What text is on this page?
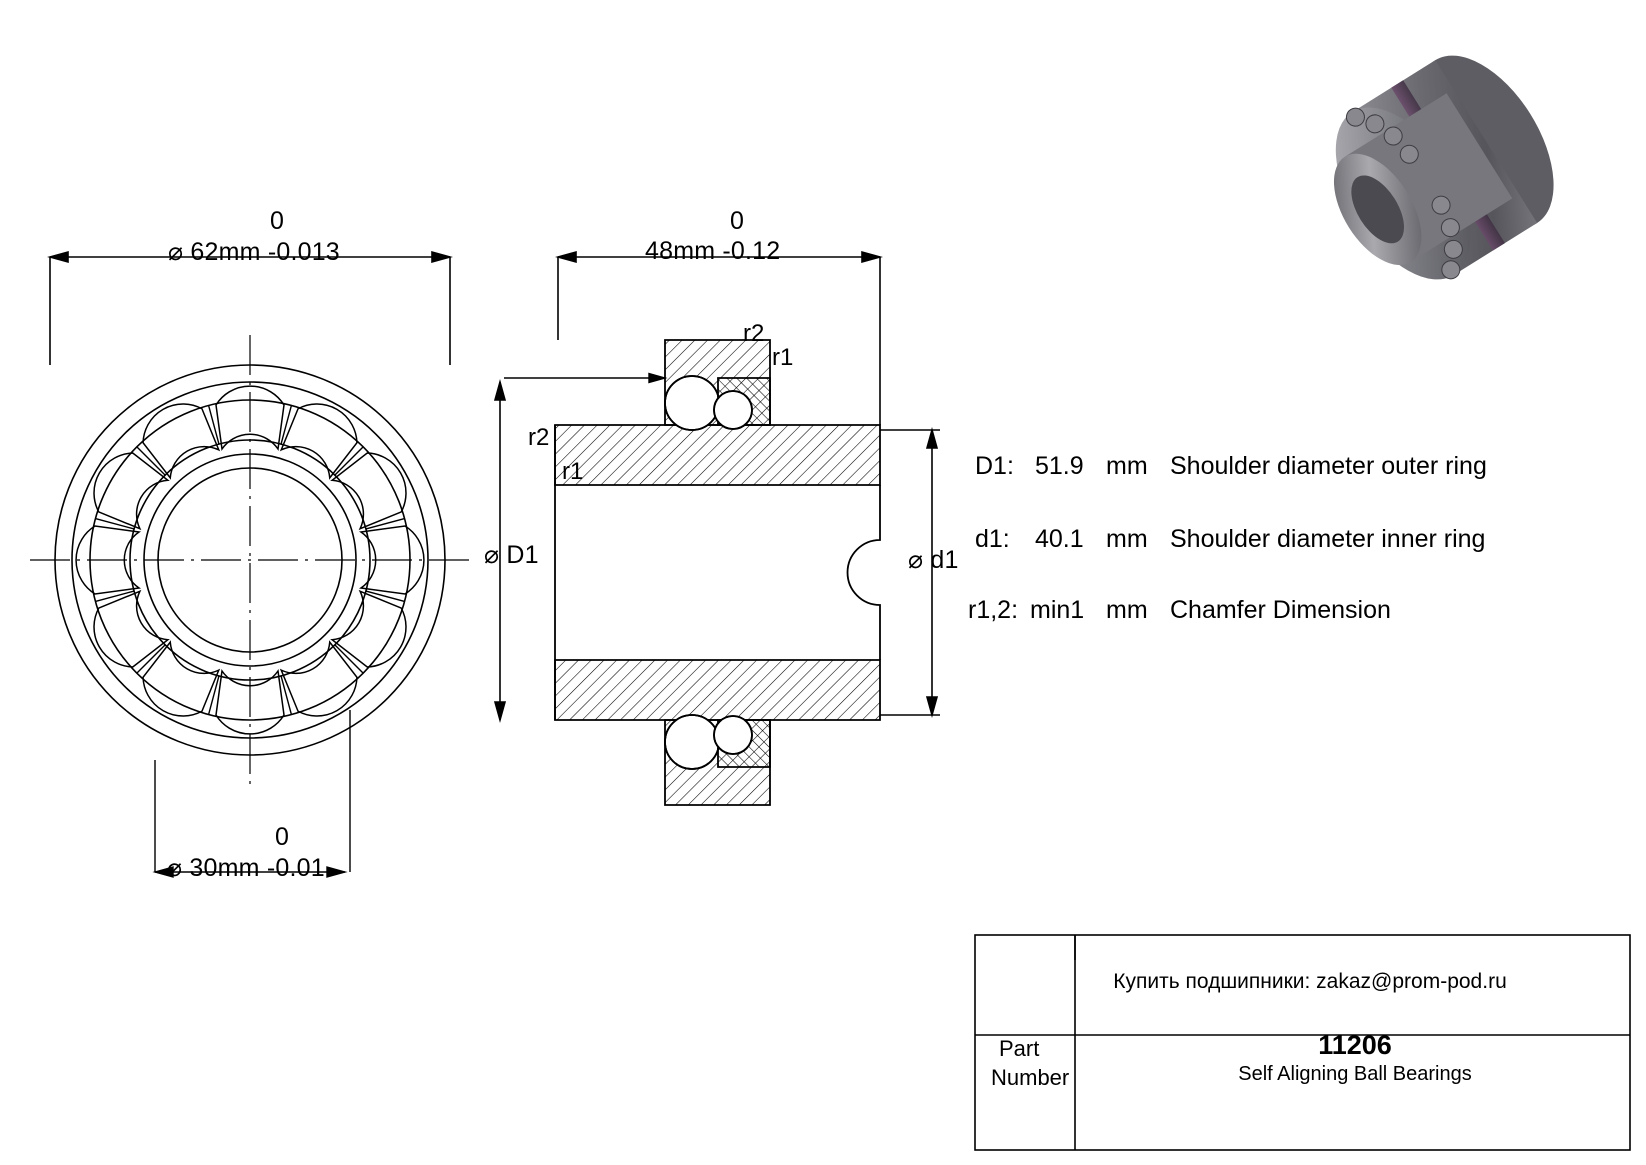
0
⌀ 62mm -0.013
0
⌀ 30mm -0.01
0
48mm -0.12
r2
r1
r2
r1
⌀ D1	⌀ d1
D1: 51.9 mm Shoulder diameter outer ring
d1: 40.1 mm Shoulder diameter inner ring
r1,2: min1 mm Chamfer Dimension
Купить подшипники: zakaz@prom-pod.ru
Part
Number
11206
Self Aligning Ball Bearings
